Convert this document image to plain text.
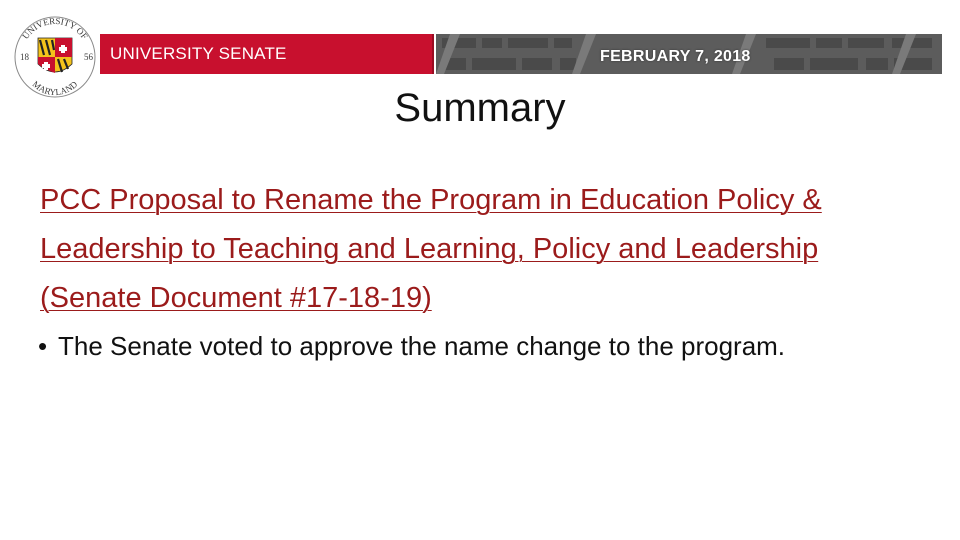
UNIVERSITY SENATE	FEBRUARY 7, 2018
UNIVERSITY OF
MARYLAND
18	56
Summary
PCC Proposal to Rename the Program in Education Policy & Leadership to Teaching and Learning, Policy and Leadership (Senate Document #17-18-19)
• The Senate voted to approve the name change to the program.
